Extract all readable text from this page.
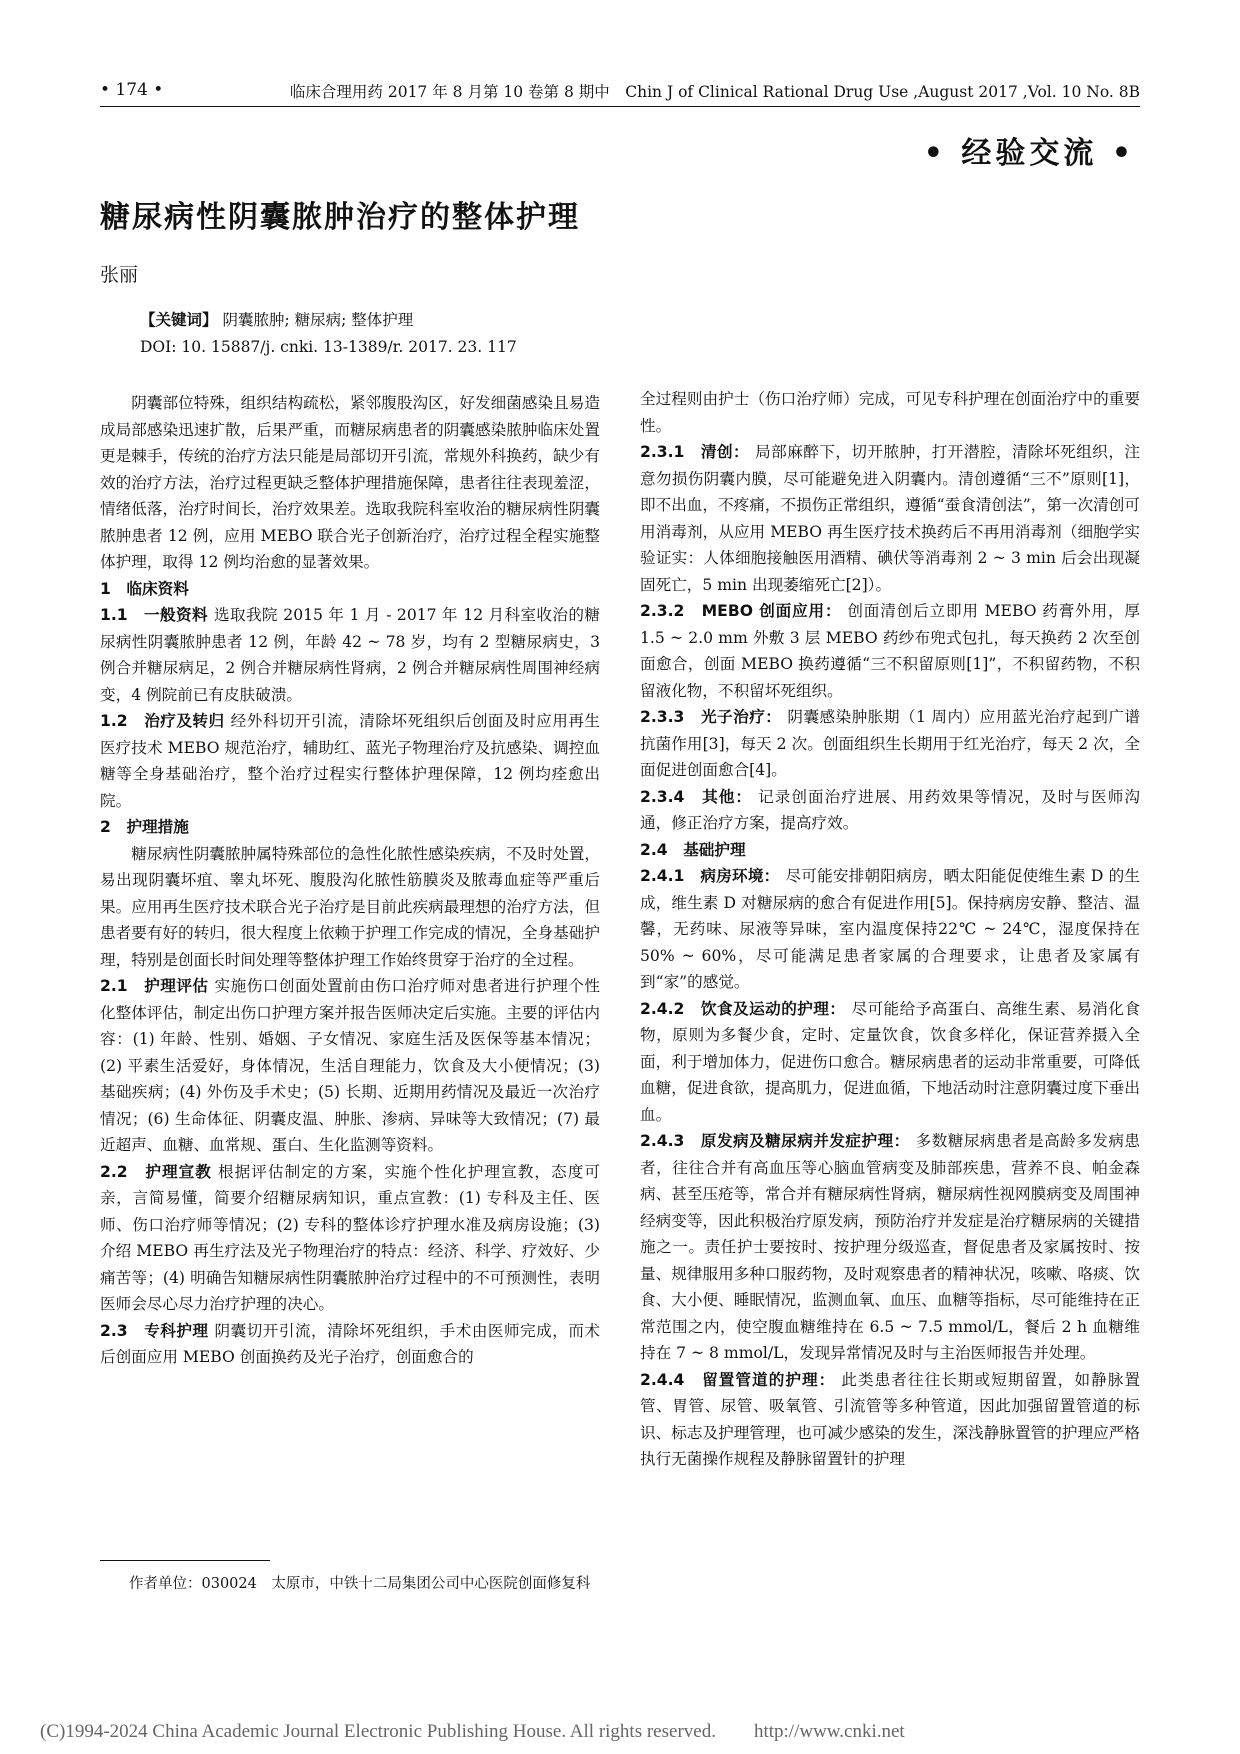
• 174 •	临床合理用药 2017 年 8 月第 10 卷第 8 期中　Chin J of Clinical Rational Drug Use ,August 2017 ,Vol. 10 No. 8B
• 经验交流 •
糖尿病性阴囊脓肿治疗的整体护理
张丽
【关键词】 阴囊脓肿; 糖尿病; 整体护理
DOI: 10. 15887/j. cnki. 13-1389/r. 2017. 23. 117

阴囊部位特殊，组织结构疏松，紧邻腹股沟区，好发细菌感染且易造成局部感染迅速扩散，后果严重，而糖尿病患者的阴囊感染脓肿临床处置更是棘手，传统的治疗方法只能是局部切开引流，常规外科换药，缺少有效的治疗方法，治疗过程更缺乏整体护理措施保障，患者往往表现羞涩，情绪低落，治疗时间长，治疗效果差。选取我院科室收治的糖尿病性阴囊脓肿患者 12 例，应用 MEBO 联合光子创新治疗，治疗过程全程实施整体护理，取得 12 例均治愈的显著效果。

1　临床资料

1.1　一般资料 选取我院 2015 年 1 月 - 2017 年 12 月科室收治的糖尿病性阴囊脓肿患者 12 例，年龄 42 ~ 78 岁，均有 2 型糖尿病史，3 例合并糖尿病足，2 例合并糖尿病性肾病，2 例合并糖尿病性周围神经病变，4 例院前已有皮肤破溃。

1.2　治疗及转归 经外科切开引流，清除坏死组织后创面及时应用再生医疗技术 MEBO 规范治疗，辅助红、蓝光子物理治疗及抗感染、调控血糖等全身基础治疗，整个治疗过程实行整体护理保障，12 例均痊愈出院。

2　护理措施

糖尿病性阴囊脓肿属特殊部位的急性化脓性感染疾病，不及时处置，易出现阴囊坏疽、睾丸坏死、腹股沟化脓性筋膜炎及脓毒血症等严重后果。应用再生医疗技术联合光子治疗是目前此疾病最理想的治疗方法，但患者要有好的转归，很大程度上依赖于护理工作完成的情况，全身基础护理，特别是创面长时间处理等整体护理工作始终贯穿于治疗的全过程。

2.1　护理评估 实施伤口创面处置前由伤口治疗师对患者进行护理个性化整体评估，制定出伤口护理方案并报告医师决定后实施。主要的评估内容：(1) 年龄、性别、婚姻、子女情况、家庭生活及医保等基本情况；(2) 平素生活爱好，身体情况，生活自理能力，饮食及大小便情况；(3) 基础疾病；(4) 外伤及手术史；(5) 长期、近期用药情况及最近一次治疗情况；(6) 生命体征、阴囊皮温、肿胀、渗病、异味等大致情况；(7) 最近超声、血糖、血常规、蛋白、生化监测等资料。

2.2　护理宣教 根据评估制定的方案，实施个性化护理宣教，态度可亲，言简易懂，简要介绍糖尿病知识，重点宣教：(1) 专科及主任、医师、伤口治疗师等情况；(2) 专科的整体诊疗护理水准及病房设施；(3) 介绍 MEBO 再生疗法及光子物理治疗的特点：经济、科学、疗效好、少痛苦等；(4) 明确告知糖尿病性阴囊脓肿治疗过程中的不可预测性，表明医师会尽心尽力治疗护理的决心。

2.3　专科护理 阴囊切开引流，清除坏死组织，手术由医师完成，而术后创面应用 MEBO 创面换药及光子治疗，创面愈合的

作者单位：030024　太原市，中铁十二局集团公司中心医院创面修复科

全过程则由护士（伤口治疗师）完成，可见专科护理在创面治疗中的重要性。

2.3.1　清创： 局部麻醉下，切开脓肿，打开潜腔，清除坏死组织，注意勿损伤阴囊内膜，尽可能避免进入阴囊内。清创遵循“三不”原则[1]，即不出血，不疼痛，不损伤正常组织，遵循“蚕食清创法”，第一次清创可用消毒剂，从应用 MEBO 再生医疗技术换药后不再用消毒剂（细胞学实验证实：人体细胞接触医用酒精、碘伏等消毒剂 2 ~ 3 min 后会出现凝固死亡，5 min 出现萎缩死亡[2]）。

2.3.2　MEBO 创面应用： 创面清创后立即用 MEBO 药膏外用，厚 1.5 ~ 2.0 mm 外敷 3 层 MEBO 药纱布兜式包扎，每天换药 2 次至创面愈合，创面 MEBO 换药遵循“三不积留原则[1]”，不积留药物，不积留液化物，不积留坏死组织。

2.3.3　光子治疗： 阴囊感染肿胀期（1 周内）应用蓝光治疗起到广谱抗菌作用[3]，每天 2 次。创面组织生长期用于红光治疗，每天 2 次，全面促进创面愈合[4]。

2.3.4　其他： 记录创面治疗进展、用药效果等情况，及时与医师沟通，修正治疗方案，提高疗效。

2.4　基础护理

2.4.1　病房环境： 尽可能安排朝阳病房，晒太阳能促使维生素 D 的生成，维生素 D 对糖尿病的愈合有促进作用[5]。保持病房安静、整洁、温馨，无药味、尿液等异味，室内温度保持22℃ ~ 24℃，湿度保持在 50% ~ 60%，尽可能满足患者家属的合理要求，让患者及家属有到“家”的感觉。

2.4.2　饮食及运动的护理： 尽可能给予高蛋白、高维生素、易消化食物，原则为多餐少食，定时、定量饮食，饮食多样化，保证营养摄入全面，利于增加体力，促进伤口愈合。糖尿病患者的运动非常重要，可降低血糖，促进食欲，提高肌力，促进血循，下地活动时注意阴囊过度下垂出血。

2.4.3　原发病及糖尿病并发症护理： 多数糖尿病患者是高龄多发病患者，往往合并有高血压等心脑血管病变及肺部疾患，营养不良、帕金森病、甚至压疮等，常合并有糖尿病性肾病，糖尿病性视网膜病变及周围神经病变等，因此积极治疗原发病，预防治疗并发症是治疗糖尿病的关键措施之一。责任护士要按时、按护理分级巡查，督促患者及家属按时、按量、规律服用多种口服药物，及时观察患者的精神状况，咳嗽、咯痰、饮食、大小便、睡眠情况，监测血氧、血压、血糖等指标，尽可能维持在正常范围之内，使空腹血糖维持在 6.5 ~ 7.5 mmol/L，餐后 2 h 血糖维持在 7 ~ 8 mmol/L，发现异常情况及时与主治医师报告并处理。

2.4.4　留置管道的护理： 此类患者往往长期或短期留置，如静脉置管、胃管、尿管、吸氧管、引流管等多种管道，因此加强留置管道的标识、标志及护理管理，也可减少感染的发生，深浅静脉置管的护理应严格执行无菌操作规程及静脉留置针的护理

(C)1994-2024 China Academic Journal Electronic Publishing House. All rights reserved.　　http://www.cnki.net
